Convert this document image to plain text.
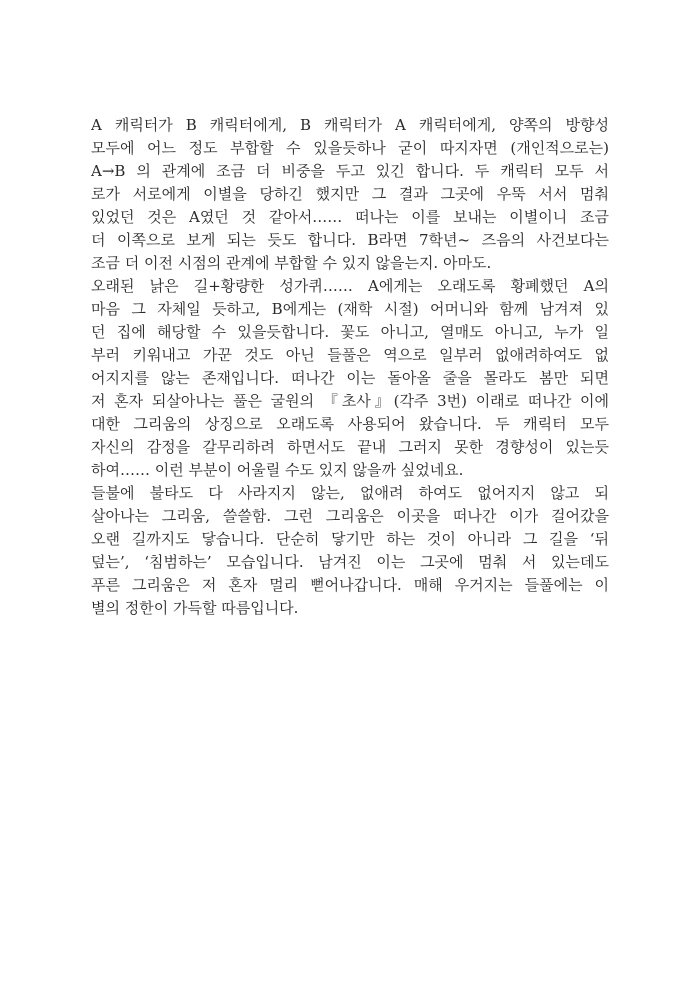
A 캐릭터가 B 캐릭터에게, B 캐릭터가 A 캐릭터에게, 양쪽의 방향성
모두에 어느 정도 부합할 수 있을듯하나 굳이 따지자면 (개인적으로는)
A→B 의 관계에 조금 더 비중을 두고 있긴 합니다. 두 캐릭터 모두 서
로가 서로에게 이별을 당하긴 했지만 그 결과 그곳에 우뚝 서서 멈춰
있었던 것은 A였던 것 같아서…… 떠나는 이를 보내는 이별이니 조금
더 이쪽으로 보게 되는 듯도 합니다. B라면 7학년~ 즈음의 사건보다는
조금 더 이전 시점의 관계에 부합할 수 있지 않을는지. 아마도.
오래된 낡은 길+황량한 성가퀴…… A에게는 오래도록 황폐했던 A의
마음 그 자체일 듯하고, B에게는 (재학 시절) 어머니와 함께 남겨져 있
던 집에 해당할 수 있을듯합니다. 꽃도 아니고, 열매도 아니고, 누가 일
부러 키워내고 가꾼 것도 아닌 들풀은 역으로 일부러 없애려하여도 없
어지지를 않는 존재입니다. 떠나간 이는 돌아올 줄을 몰라도 봄만 되면
저 혼자 되살아나는 풀은 굴원의 『초사』(각주 3번) 이래로 떠나간 이에
대한 그리움의 상징으로 오래도록 사용되어 왔습니다. 두 캐릭터 모두
자신의 감정을 갈무리하려 하면서도 끝내 그러지 못한 경향성이 있는듯
하여…… 이런 부분이 어울릴 수도 있지 않을까 싶었네요.
들불에 불타도 다 사라지지 않는, 없애려 하여도 없어지지 않고 되
살아나는 그리움, 쓸쓸함. 그런 그리움은 이곳을 떠나간 이가 걸어갔을
오랜 길까지도 닿습니다. 단순히 닿기만 하는 것이 아니라 그 길을 ‘뒤
덮는’, ‘침범하는’ 모습입니다. 남겨진 이는 그곳에 멈춰 서 있는데도
푸른 그리움은 저 혼자 멀리 뻗어나갑니다. 매해 우거지는 들풀에는 이
별의 정한이 가득할 따름입니다.
